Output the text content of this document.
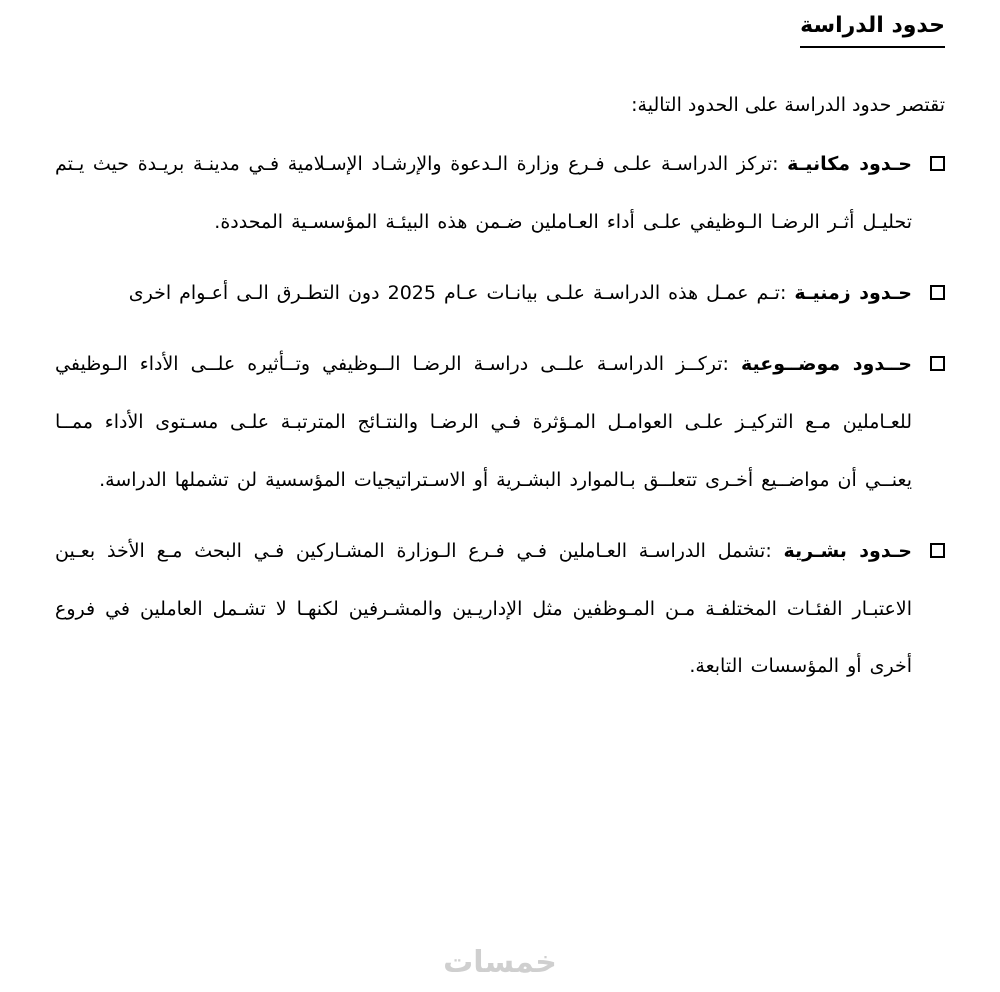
حدود الدراسة

تقتصر حدود الدراسة على الحدود التالية:

حـدود مكانيـة :تركز الدراسـة علـى فـرع وزارة الـدعوة والإرشـاد الإسـلامية فـي مدينـة بريـدة حيث يـتم تحليـل أثـر الرضـا الـوظيفي علـى أداء العـاملين ضـمن هذه البيئـة المؤسسـية المحددة.

حـدود زمنيـة :تـم عمـل هذه الدراسـة علـى بيانـات عـام 2025 دون التطـرق الـى أعـوام اخرى

حــدود موضــوعية :تركــز الدراسـة علــى دراسـة الرضـا الــوظيفي وتــأثيره علــى الأداء الـوظيفي للعـاملين مـع التركيـز علـى العوامـل المـؤثرة فـي الرضـا والنتـائج المترتبـة علـى مسـتوى الأداء ممــا يعنــي أن مواضــيع أخـرى تتعلــق بـالموارد البشـرية أو الاسـتراتيجيات المؤسسية لن تشملها الدراسة.

حـدود بشـرية :تشمل الدراسـة العـاملين فـي فـرع الـوزارة المشـاركين فـي البحث مـع الأخذ بعـين الاعتبـار الفئـات المختلفـة مـن المـوظفين مثل الإداريـين والمشـرفين لكنهـا لا تشـمل العاملين في فروع أخرى أو المؤسسات التابعة.

خمسات
